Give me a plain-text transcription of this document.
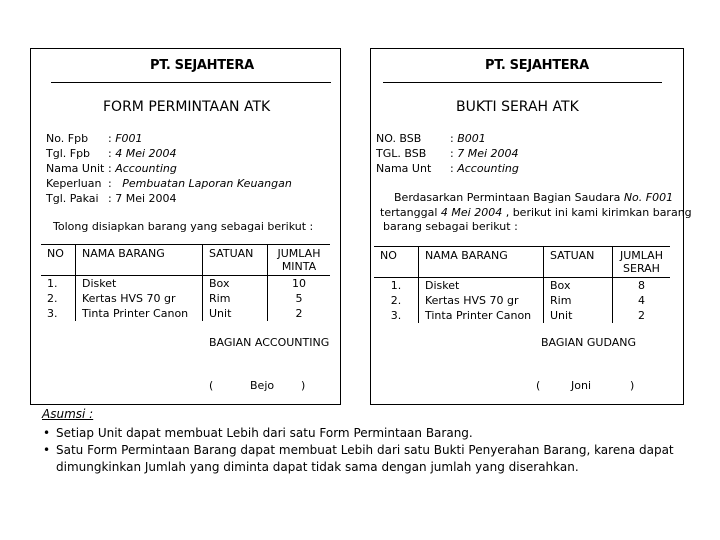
PT. SEJAHTERA
FORM PERMINTAAN ATK
No. Fpb : F001
Tgl. Fpb : 4 Mei 2004
Nama Unit : Accounting
Keperluan : Pembuatan Laporan Keuangan
Tgl. Pakai : 7 Mei 2004
Tolong disiapkan barang yang sebagai berikut :
NO	NAMA BARANG	SATUAN	JUMLAH MINTA
1.	Disket	Box	10
2.	Kertas HVS 70 gr	Rim	5
3.	Tinta Printer Canon	Unit	2
BAGIAN ACCOUNTING
(	Bejo )
PT. SEJAHTERA
BUKTI SERAH ATK
NO. BSB	: B001
TGL. BSB : 7 Mei 2004
Nama Unt : Accounting
Berdasarkan Permintaan Bagian Saudara No. F001
tertanggal 4 Mei 2004 , berikut ini kami kirimkan barang
barang sebagai berikut :
NO	NAMA BARANG	SATUAN	JUMLAH SERAH
1.	Disket	Box	8
2.	Kertas HVS 70 gr	Rim	4
3.	Tinta Printer Canon	Unit	2
BAGIAN GUDANG
(	Joni	)
Asumsi :
• Setiap Unit dapat membuat Lebih dari satu Form Permintaan Barang.
• Satu Form Permintaan Barang dapat membuat Lebih dari satu Bukti Penyerahan Barang, karena dapat dimungkinkan Jumlah yang diminta dapat tidak sama dengan jumlah yang diserahkan.
